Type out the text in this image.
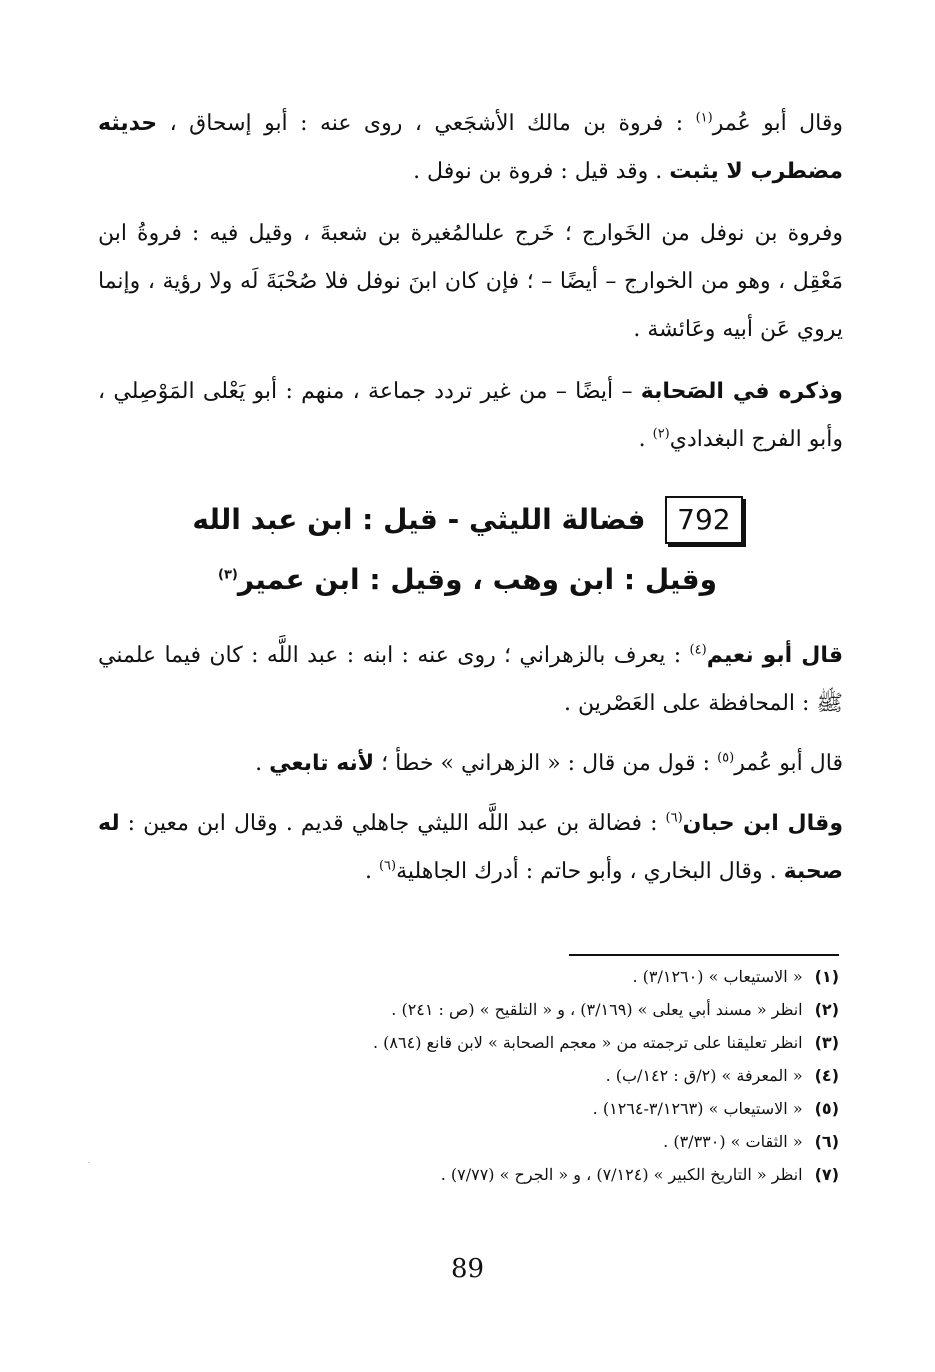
وقال أبو عُمر$^{(١)}$ : فروة بن مالك الأشجَعي ، روى عنه : أبو إسحاق ، حديثه مضطرب لا يثبت . وقد قيل : فروة بن نوفل .

وفروة بن نوفل من الخَوارج ؛ خَرج علىالمُغيرة بن شعبةَ ، وقيل فيه : فروةُ ابن مَعْقِل ، وهو من الخوارج – أيضًا – ؛ فإن كان ابنَ نوفل فلا صُحْبَةَ لَه ولا رؤية ، وإنما يروي عَن أبيه وعَائشة .

وذكره في الصَحابة – أيضًا – من غير تردد جماعة ، منهم : أبو يَعْلى المَوْصِلي ، وأبو الفرج البغدادي$^{(٢)}$ .

792 فضالة الليثي - قيل : ابن عبد الله
وقيل : ابن وهب ، وقيل : ابن عمير$^{(٣)}$

قال أبو نعيم$^{(٤)}$ : يعرف بالزهراني ؛ روى عنه : ابنه : عبد اللَّه : كان فيما علمني ﷺ : المحافظة على العَصْرين .

قال أبو عُمر$^{(٥)}$ : قول من قال : « الزهراني » خطأ ؛ لأنه تابعي .

وقال ابن حبان$^{(٦)}$ : فضالة بن عبد اللَّه الليثي جاهلي قديم . وقال ابن معين : له صحبة . وقال البخاري ، وأبو حاتم : أدرك الجاهلية$^{(٦)}$ .

(١)« الاستيعاب » (٣/١٢٦٠) .
(٢)انظر « مسند أبي يعلى » (٣/١٦٩) ، و « التلقيح » (ص : ٢٤١) .
(٣)انظر تعليقنا على ترجمته من « معجم الصحابة » لابن قانع (٨٦٤) .
(٤)« المعرفة » (٢/ق : ١٤٢/ب) .
(٥)« الاستيعاب » (٣/١٢٦٣-١٢٦٤) .
(٦)« الثقات » (٣/٣٣٠) .
(٧)انظر « التاريخ الكبير » (٧/١٢٤) ، و « الجرح » (٧/٧٧) .
89
·
